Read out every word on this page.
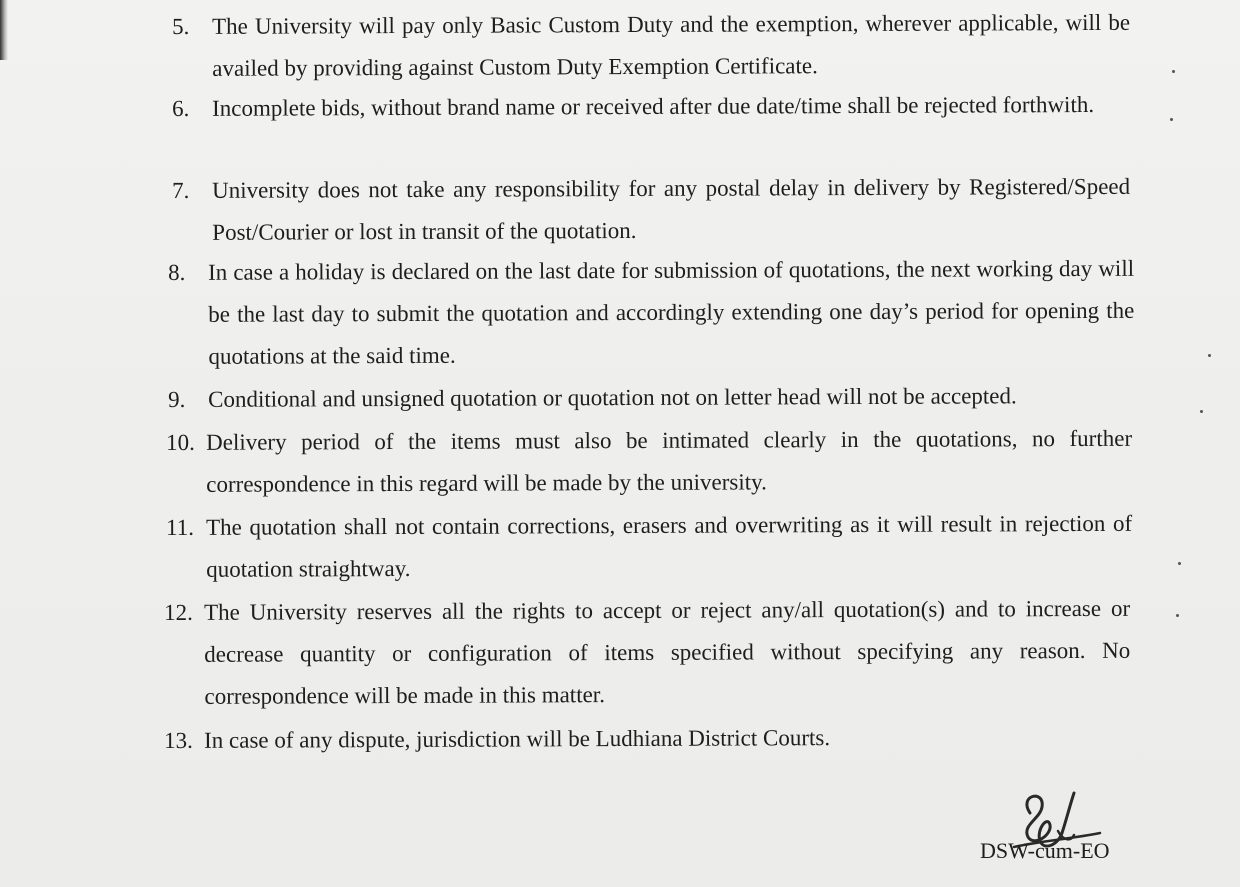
5. The University will pay only Basic Custom Duty and the exemption, wherever applicable, will be availed by providing against Custom Duty Exemption Certificate.
6. Incomplete bids, without brand name or received after due date/time shall be rejected forthwith.
7. University does not take any responsibility for any postal delay in delivery by Registered/Speed Post/Courier or lost in transit of the quotation.
8. In case a holiday is declared on the last date for submission of quotations, the next working day will be the last day to submit the quotation and accordingly extending one day’s period for opening the quotations at the said time.
9. Conditional and unsigned quotation or quotation not on letter head will not be accepted.
10. Delivery period of the items must also be intimated clearly in the quotations, no further correspondence in this regard will be made by the university.
11. The quotation shall not contain corrections, erasers and overwriting as it will result in rejection of quotation straightway.
12. The University reserves all the rights to accept or reject any/all quotation(s) and to increase or decrease quantity or configuration of items specified without specifying any reason. No correspondence will be made in this matter.
13. In case of any dispute, jurisdiction will be Ludhiana District Courts.
DSW-cum-EO
